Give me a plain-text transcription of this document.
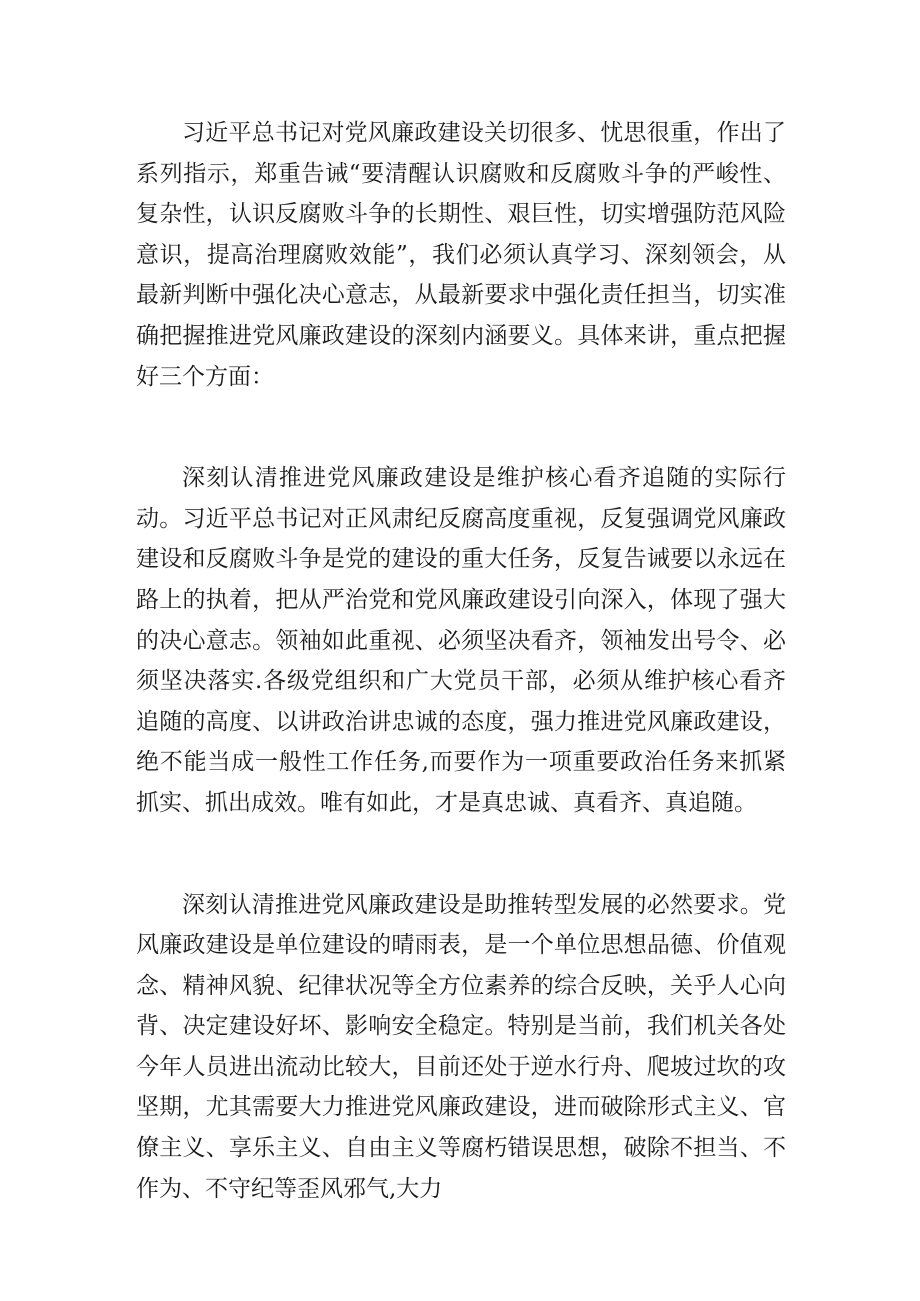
习近平总书记对党风廉政建设关切很多、忧思很重，作出了系列指示，郑重告诫“要清醒认识腐败和反腐败斗争的严峻性、复杂性，认识反腐败斗争的长期性、艰巨性，切实增强防范风险意识，提高治理腐败效能”，我们必须认真学习、深刻领会，从最新判断中强化决心意志，从最新要求中强化责任担当，切实准确把握推进党风廉政建设的深刻内涵要义。具体来讲，重点把握好三个方面：

深刻认清推进党风廉政建设是维护核心看齐追随的实际行动。习近平总书记对正风肃纪反腐高度重视，反复强调党风廉政建设和反腐败斗争是党的建设的重大任务，反复告诫要以永远在路上的执着，把从严治党和党风廉政建设引向深入，体现了强大的决心意志。领袖如此重视、必须坚决看齐，领袖发出号令、必须坚决落实.各级党组织和广大党员干部，必须从维护核心看齐追随的高度、以讲政治讲忠诚的态度，强力推进党风廉政建设，绝不能当成一般性工作任务,而要作为一项重要政治任务来抓紧抓实、抓出成效。唯有如此，才是真忠诚、真看齐、真追随。

深刻认清推进党风廉政建设是助推转型发展的必然要求。党风廉政建设是单位建设的晴雨表，是一个单位思想品德、价值观念、精神风貌、纪律状况等全方位素养的综合反映，关乎人心向背、决定建设好坏、影响安全稳定。特别是当前，我们机关各处今年人员进出流动比较大，目前还处于逆水行舟、爬坡过坎的攻坚期，尤其需要大力推进党风廉政建设，进而破除形式主义、官僚主义、享乐主义、自由主义等腐朽错误思想，破除不担当、不作为、不守纪等歪风邪气,大力
